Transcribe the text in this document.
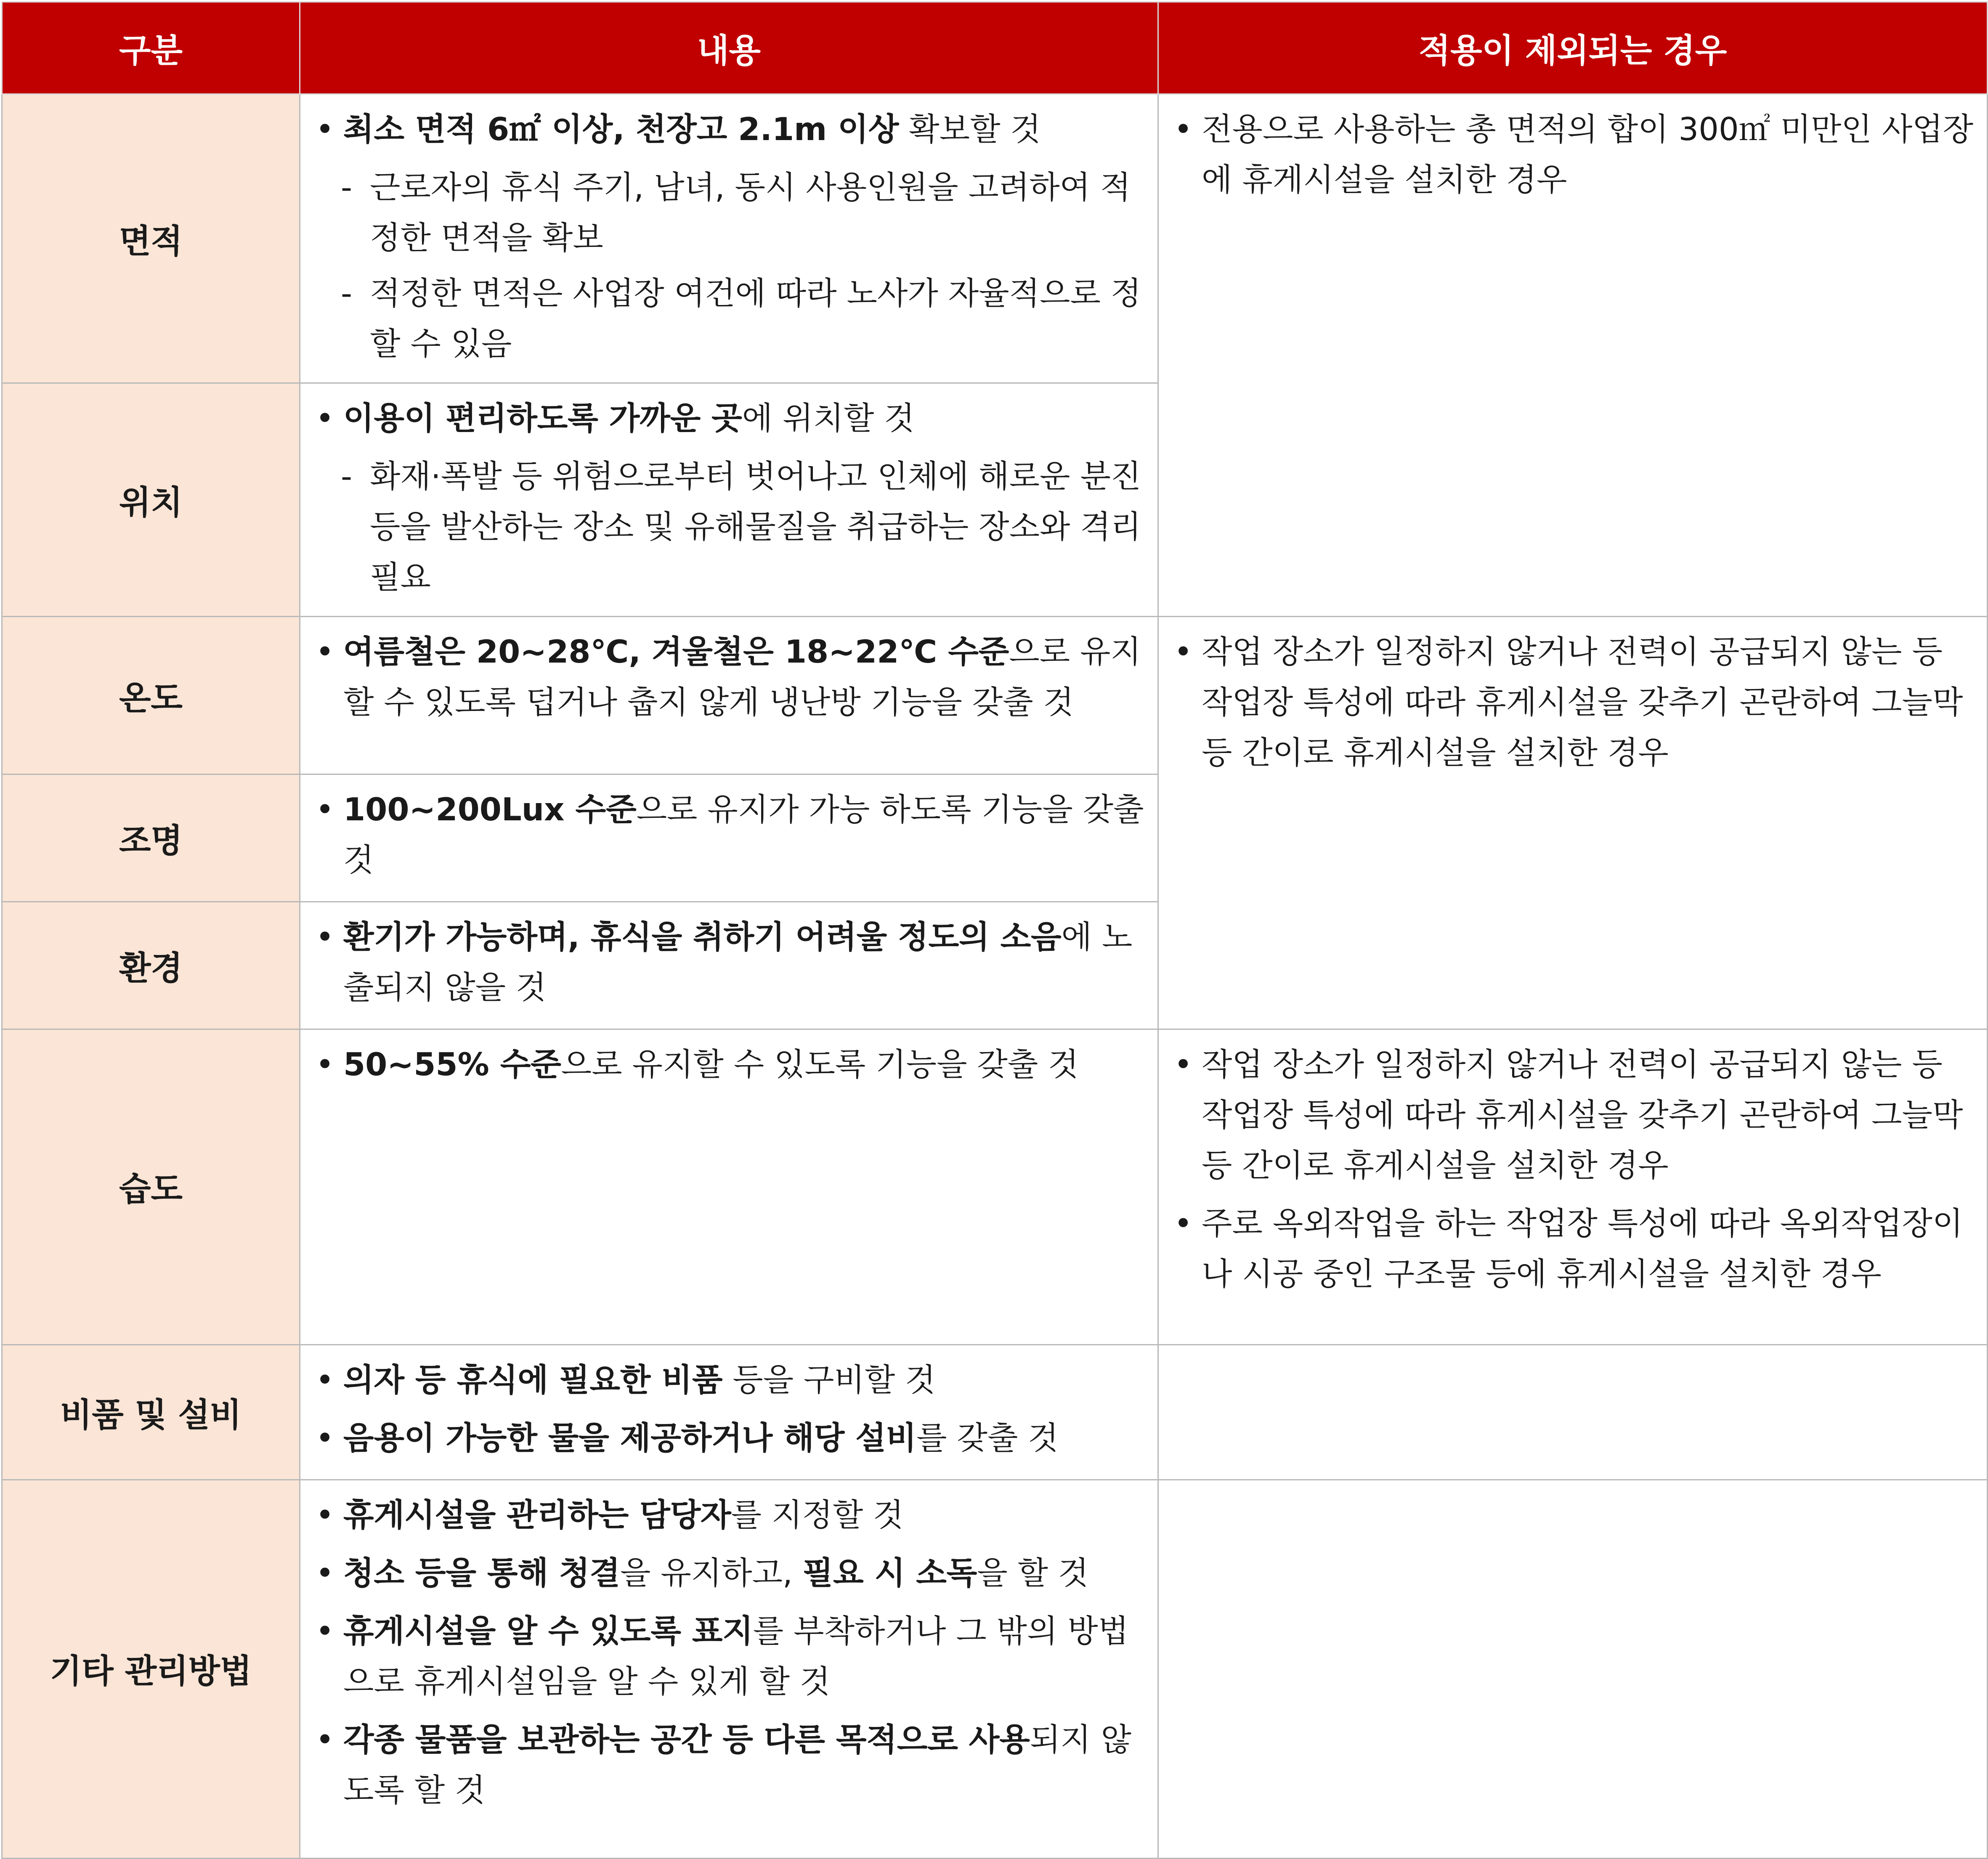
구분	내용	적용이 제외되는 경우
면적	• 최소 면적 6㎡ 이상, 천장고 2.1m 이상 확보할 것
- 근로자의 휴식 주기, 남녀, 동시 사용인원을 고려하여 적정한 면적을 확보
- 적정한 면적은 사업장 여건에 따라 노사가 자율적으로 정할 수 있음	• 전용으로 사용하는 총 면적의 합이 300㎡ 미만인 사업장에 휴게시설을 설치한 경우

위치	• 이용이 편리하도록 가까운 곳에 위치할 것
- 화재·폭발 등 위험으로부터 벗어나고 인체에 해로운 분진 등을 발산하는 장소 및 유해물질을 취급하는 장소와 격리 필요

온도	• 여름철은 20~28℃, 겨울철은 18~22℃ 수준으로 유지할 수 있도록 덥거나 춥지 않게 냉난방 기능을 갖출 것	• 작업 장소가 일정하지 않거나 전력이 공급되지 않는 등 작업장 특성에 따라 휴게시설을 갖추기 곤란하여 그늘막 등 간이로 휴게시설을 설치한 경우

조명	• 100~200Lux 수준으로 유지가 가능 하도록 기능을 갖출 것

환경	• 환기가 가능하며, 휴식을 취하기 어려울 정도의 소음에 노출되지 않을 것

습도	• 50~55% 수준으로 유지할 수 있도록 기능을 갖출 것	• 작업 장소가 일정하지 않거나 전력이 공급되지 않는 등 작업장 특성에 따라 휴게시설을 갖추기 곤란하여 그늘막 등 간이로 휴게시설을 설치한 경우
• 주로 옥외작업을 하는 작업장 특성에 따라 옥외작업장이나 시공 중인 구조물 등에 휴게시설을 설치한 경우

비품 및 설비	• 의자 등 휴식에 필요한 비품 등을 구비할 것
• 음용이 가능한 물을 제공하거나 해당 설비를 갖출 것

기타 관리방법	• 휴게시설을 관리하는 담당자를 지정할 것
• 청소 등을 통해 청결을 유지하고, 필요 시 소독을 할 것
• 휴게시설을 알 수 있도록 표지를 부착하거나 그 밖의 방법으로 휴게시설임을 알 수 있게 할 것
• 각종 물품을 보관하는 공간 등 다른 목적으로 사용되지 않도록 할 것
